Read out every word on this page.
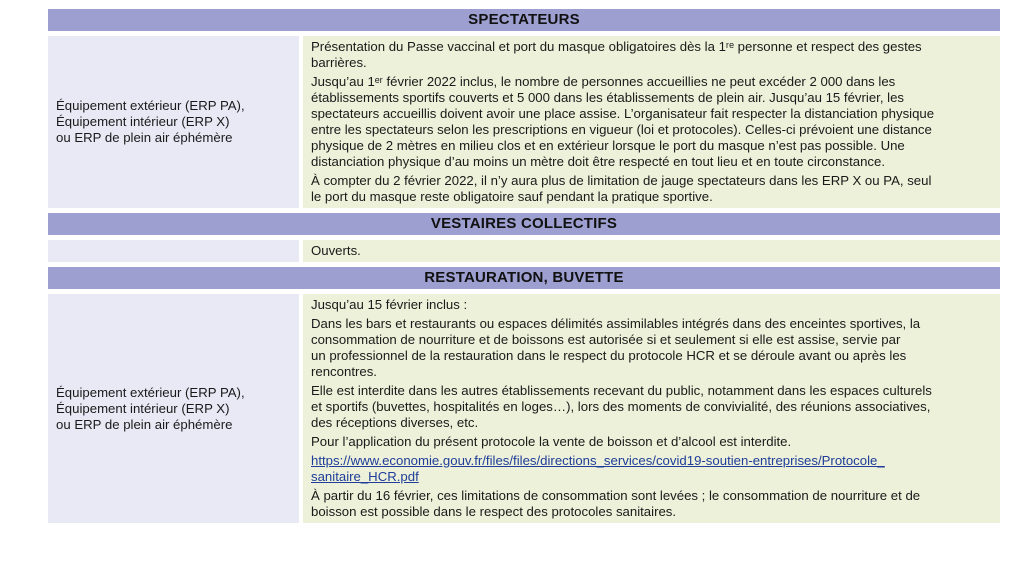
SPECTATEURS
Équipement extérieur (ERP PA),
Équipement intérieur (ERP X)
ou ERP de plein air éphémère

Présentation du Passe vaccinal et port du masque obligatoires dès la 1ʳᵉ personne et respect des gestes
barrières.

Jusqu’au 1ᵉʳ février 2022 inclus, le nombre de personnes accueillies ne peut excéder 2 000 dans les
établissements sportifs couverts et 5 000 dans les établissements de plein air. Jusqu’au 15 février, les
spectateurs accueillis doivent avoir une place assise. L’organisateur fait respecter la distanciation physique
entre les spectateurs selon les prescriptions en vigueur (loi et protocoles). Celles-ci prévoient une distance
physique de 2 mètres en milieu clos et en extérieur lorsque le port du masque n’est pas possible. Une
distanciation physique d’au moins un mètre doit être respecté en tout lieu et en toute circonstance.

À compter du 2 février 2022, il n’y aura plus de limitation de jauge spectateurs dans les ERP X ou PA, seul
le port du masque reste obligatoire sauf pendant la pratique sportive.

VESTAIRES COLLECTIFS

Ouverts.

RESTAURATION, BUVETTE
Équipement extérieur (ERP PA),
Équipement intérieur (ERP X)
ou ERP de plein air éphémère

Jusqu’au 15 février inclus :

Dans les bars et restaurants ou espaces délimités assimilables intégrés dans des enceintes sportives, la
consommation de nourriture et de boissons est autorisée si et seulement si elle est assise, servie par
un professionnel de la restauration dans le respect du protocole HCR et se déroule avant ou après les
rencontres.

Elle est interdite dans les autres établissements recevant du public, notamment dans les espaces culturels
et sportifs (buvettes, hospitalités en loges…), lors des moments de convivialité, des réunions associatives,
des réceptions diverses, etc.

Pour l’application du présent protocole la vente de boisson et d’alcool est interdite.

https://www.economie.gouv.fr/files/files/directions_services/covid19-soutien-entreprises/Protocole_
sanitaire_HCR.pdf

À partir du 16 février, ces limitations de consommation sont levées ; le consommation de nourriture et de
boisson est possible dans le respect des protocoles sanitaires.
